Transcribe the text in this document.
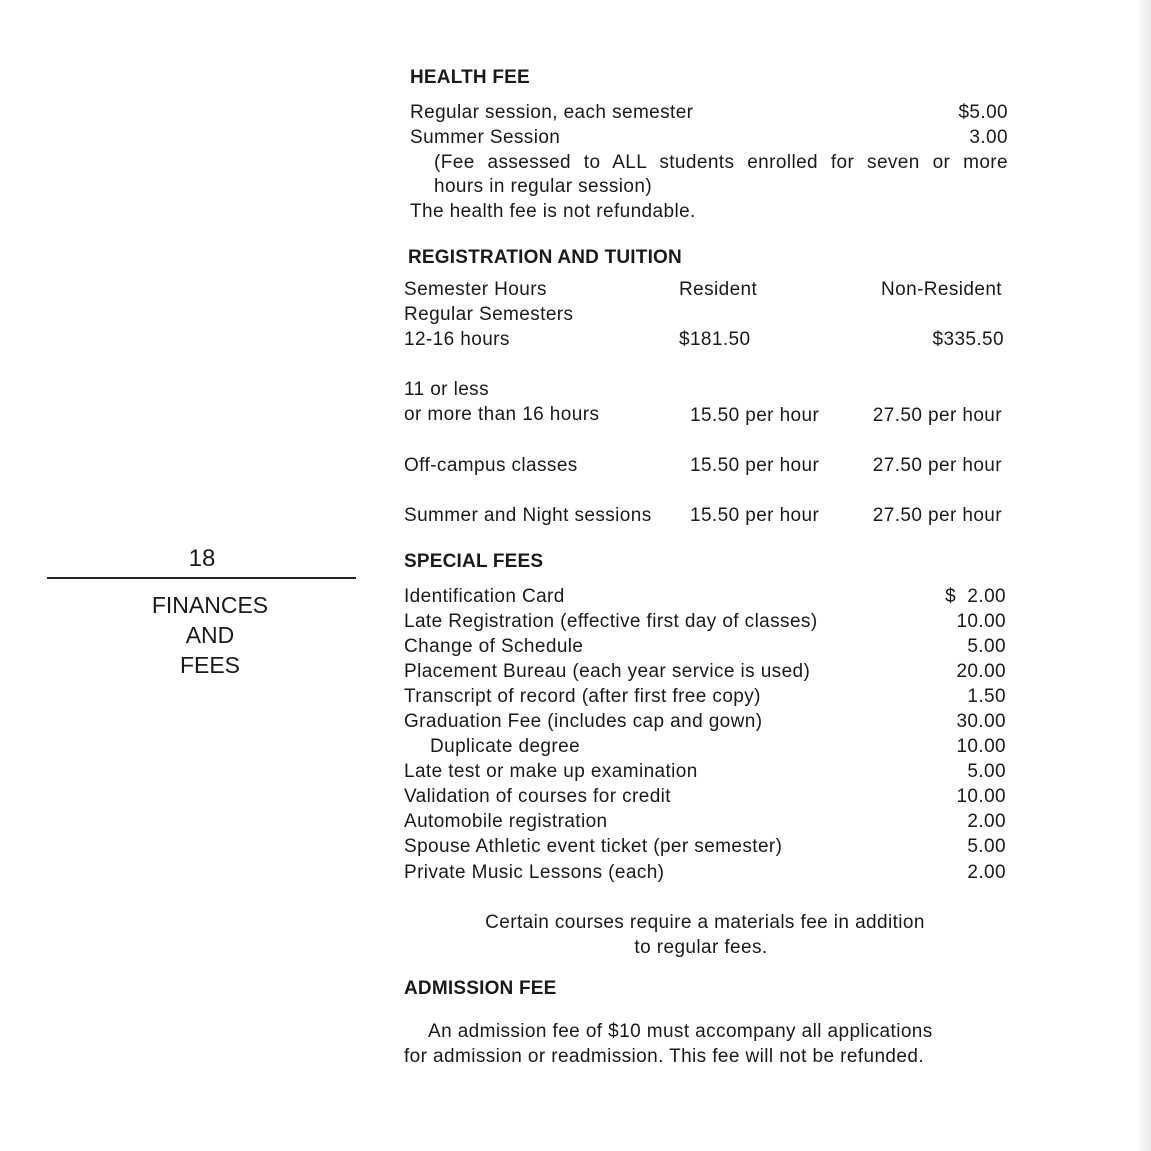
18
FINANCES
AND
FEES
HEALTH FEE
Regular session, each semester	$5.00
Summer Session	3.00
(Fee assessed to ALL students enrolled for seven or more
hours in regular session)
The health fee is not refundable.
REGISTRATION AND TUITION
Semester Hours	Resident	Non-Resident
Regular Semesters
12-16 hours	$181.50	$335.50
11 or less
or more than 16 hours	15.50 per hour	27.50 per hour
Off-campus classes	15.50 per hour	27.50 per hour
Summer and Night sessions 15.50 per hour	27.50 per hour
SPECIAL FEES
Identification Card	$  2.00
Late Registration (effective first day of classes)	10.00
Change of Schedule	5.00
Placement Bureau (each year service is used)	20.00
Transcript of record (after first free copy)	1.50
Graduation Fee (includes cap and gown)	30.00
Duplicate degree	10.00
Late test or make up examination	5.00
Validation of courses for credit	10.00
Automobile registration	2.00
Spouse Athletic event ticket (per semester)	5.00
Private Music Lessons (each)	2.00
Certain courses require a materials fee in addition
to regular fees.
ADMISSION FEE
An admission fee of $10 must accompany all applications
for admission or readmission. This fee will not be refunded.
